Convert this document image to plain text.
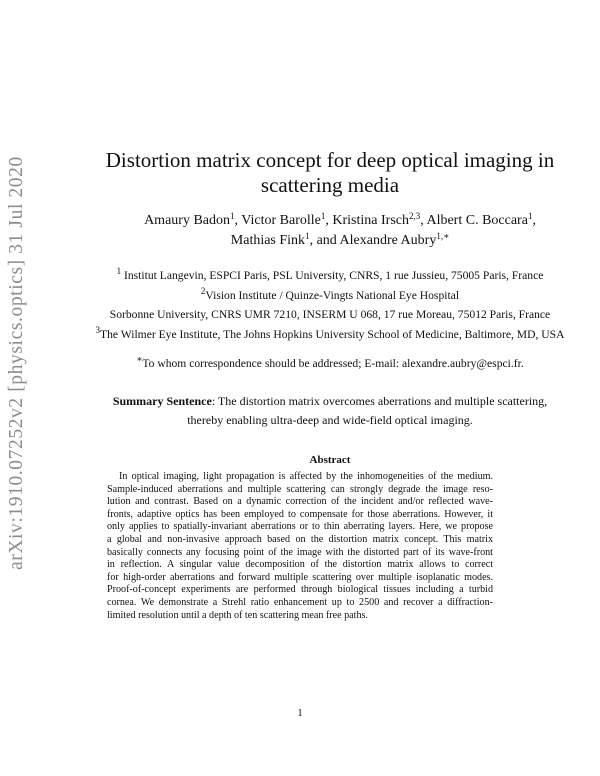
arXiv:1910.07252v2 [physics.optics] 31 Jul 2020	Distortion matrix concept for deep optical imaging in
scattering media
Amaury Badon$^1$, Victor Barolle$^1$, Kristina Irsch$^{2,3}$, Albert C. Boccara$^1$,
Mathias Fink$^1$, and Alexandre Aubry$^{1,∗}$
$^1$ Institut Langevin, ESPCI Paris, PSL University, CNRS, 1 rue Jussieu, 75005 Paris, France
$^2$Vision Institute / Quinze-Vingts National Eye Hospital
Sorbonne University, CNRS UMR 7210, INSERM U 068, 17 rue Moreau, 75012 Paris, France
$^3$The Wilmer Eye Institute, The Johns Hopkins University School of Medicine, Baltimore, MD, USA
∗To whom correspondence should be addressed; E-mail: alexandre.aubry@espci.fr.
Summary Sentence: The distortion matrix overcomes aberrations and multiple scattering,
thereby enabling ultra-deep and wide-field optical imaging.
Abstract
In optical imaging, light propagation is affected by the inhomogeneities of the medium.
Sample-induced aberrations and multiple scattering can strongly degrade the image reso-
lution and contrast. Based on a dynamic correction of the incident and/or reflected wave-
fronts, adaptive optics has been employed to compensate for those aberrations. However, it
only applies to spatially-invariant aberrations or to thin aberrating layers. Here, we propose
a global and non-invasive approach based on the distortion matrix concept. This matrix
basically connects any focusing point of the image with the distorted part of its wave-front
in reflection. A singular value decomposition of the distortion matrix allows to correct
for high-order aberrations and forward multiple scattering over multiple isoplanatic modes.
Proof-of-concept experiments are performed through biological tissues including a turbid
cornea. We demonstrate a Strehl ratio enhancement up to 2500 and recover a diffraction-
limited resolution until a depth of ten scattering mean free paths.
1
